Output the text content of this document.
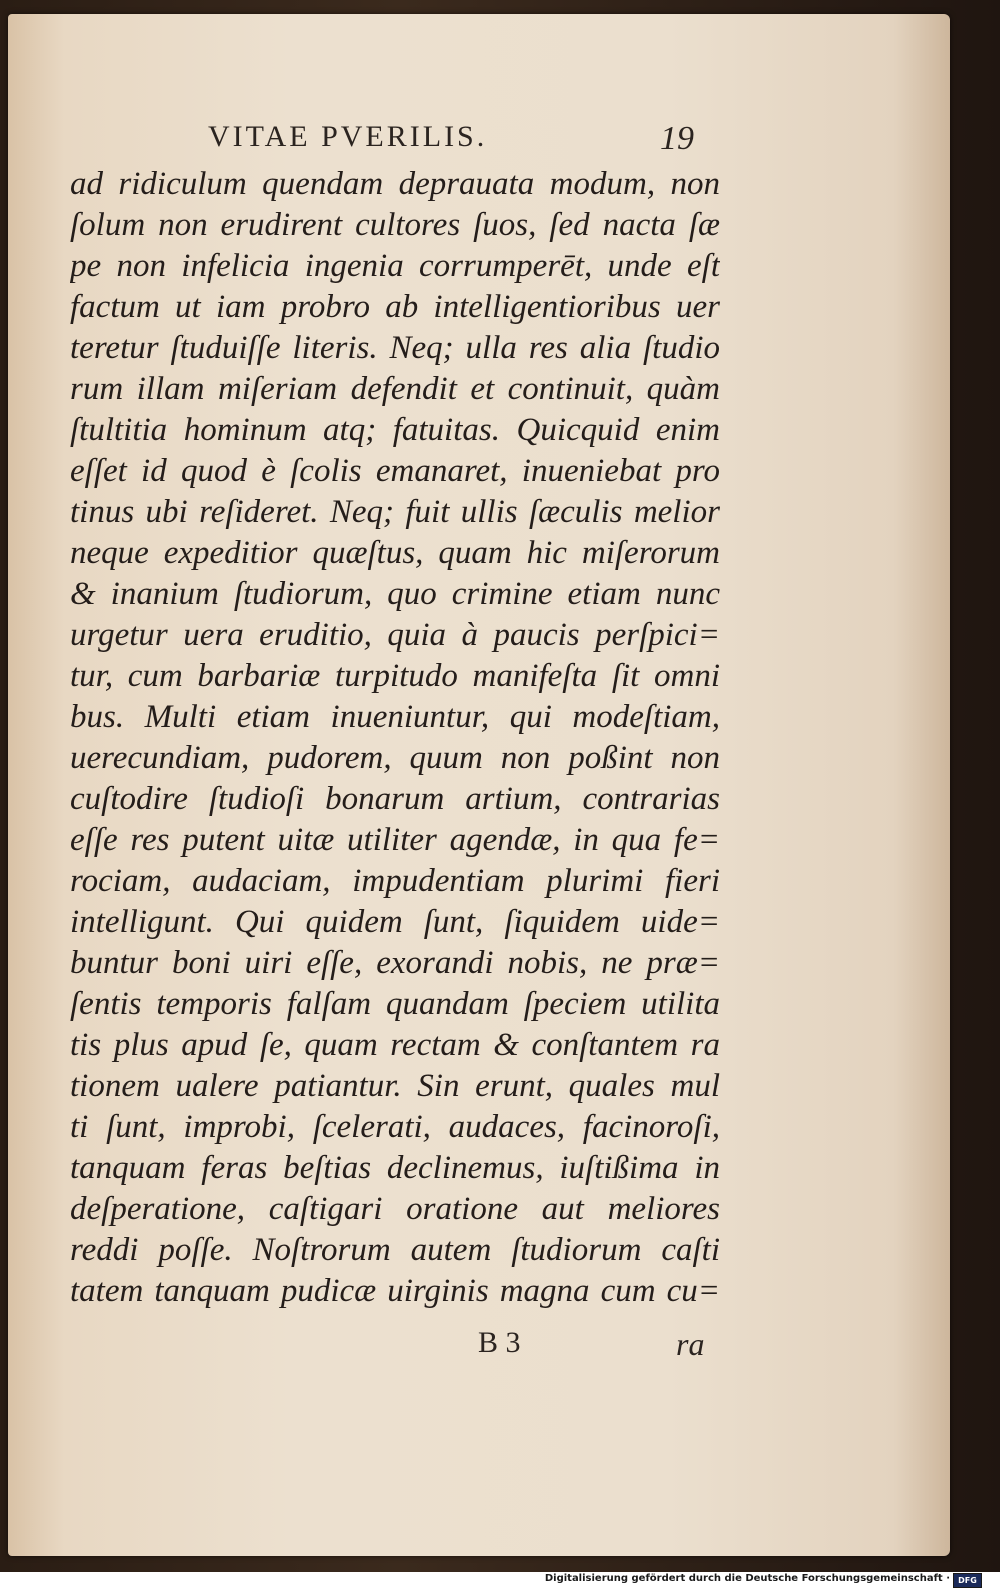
VITAE PVERILIS.	19
ad ridiculum quendam deprauata modum, non
ſolum non erudirent cultores ſuos, ſed nacta ſæ
pe non infelicia ingenia corrumperēt, unde eſt
factum ut iam probro ab intelligentioribus uer
teretur ſtuduiſſe literis. Neq; ulla res alia ſtudio
rum illam miſeriam defendit et continuit, quàm
ſtultitia hominum atq; fatuitas. Quicquid enim
eſſet id quod è ſcolis emanaret, inueniebat pro
tinus ubi reſideret. Neq; fuit ullis ſæculis melior
neque expeditior quæſtus, quam hic miſerorum
& inanium ſtudiorum, quo crimine etiam nunc
urgetur uera eruditio, quia à paucis perſpici=
tur, cum barbariæ turpitudo manifeſta ſit omni
bus. Multi etiam inueniuntur, qui modeſtiam,
uerecundiam, pudorem, quum non poßint non
cuſtodire ſtudioſi bonarum artium, contrarias
eſſe res putent uitæ utiliter agendæ, in qua fe=
rociam, audaciam, impudentiam plurimi fieri
intelligunt. Qui quidem ſunt, ſiquidem uide=
buntur boni uiri eſſe, exorandi nobis, ne præ=
ſentis temporis falſam quandam ſpeciem utilita
tis plus apud ſe, quam rectam & conſtantem ra
tionem ualere patiantur. Sin erunt, quales mul
ti ſunt, improbi, ſcelerati, audaces, facinoroſi,
tanquam feras beſtias declinemus, iuſtißima in
deſperatione, caſtigari oratione aut meliores
reddi poſſe. Noſtrorum autem ſtudiorum caſti
tatem tanquam pudicæ uirginis magna cum cu=
B 3	ra
Digitalisierung gefördert durch die Deutsche Forschungsgemeinschaft ·	DFG
